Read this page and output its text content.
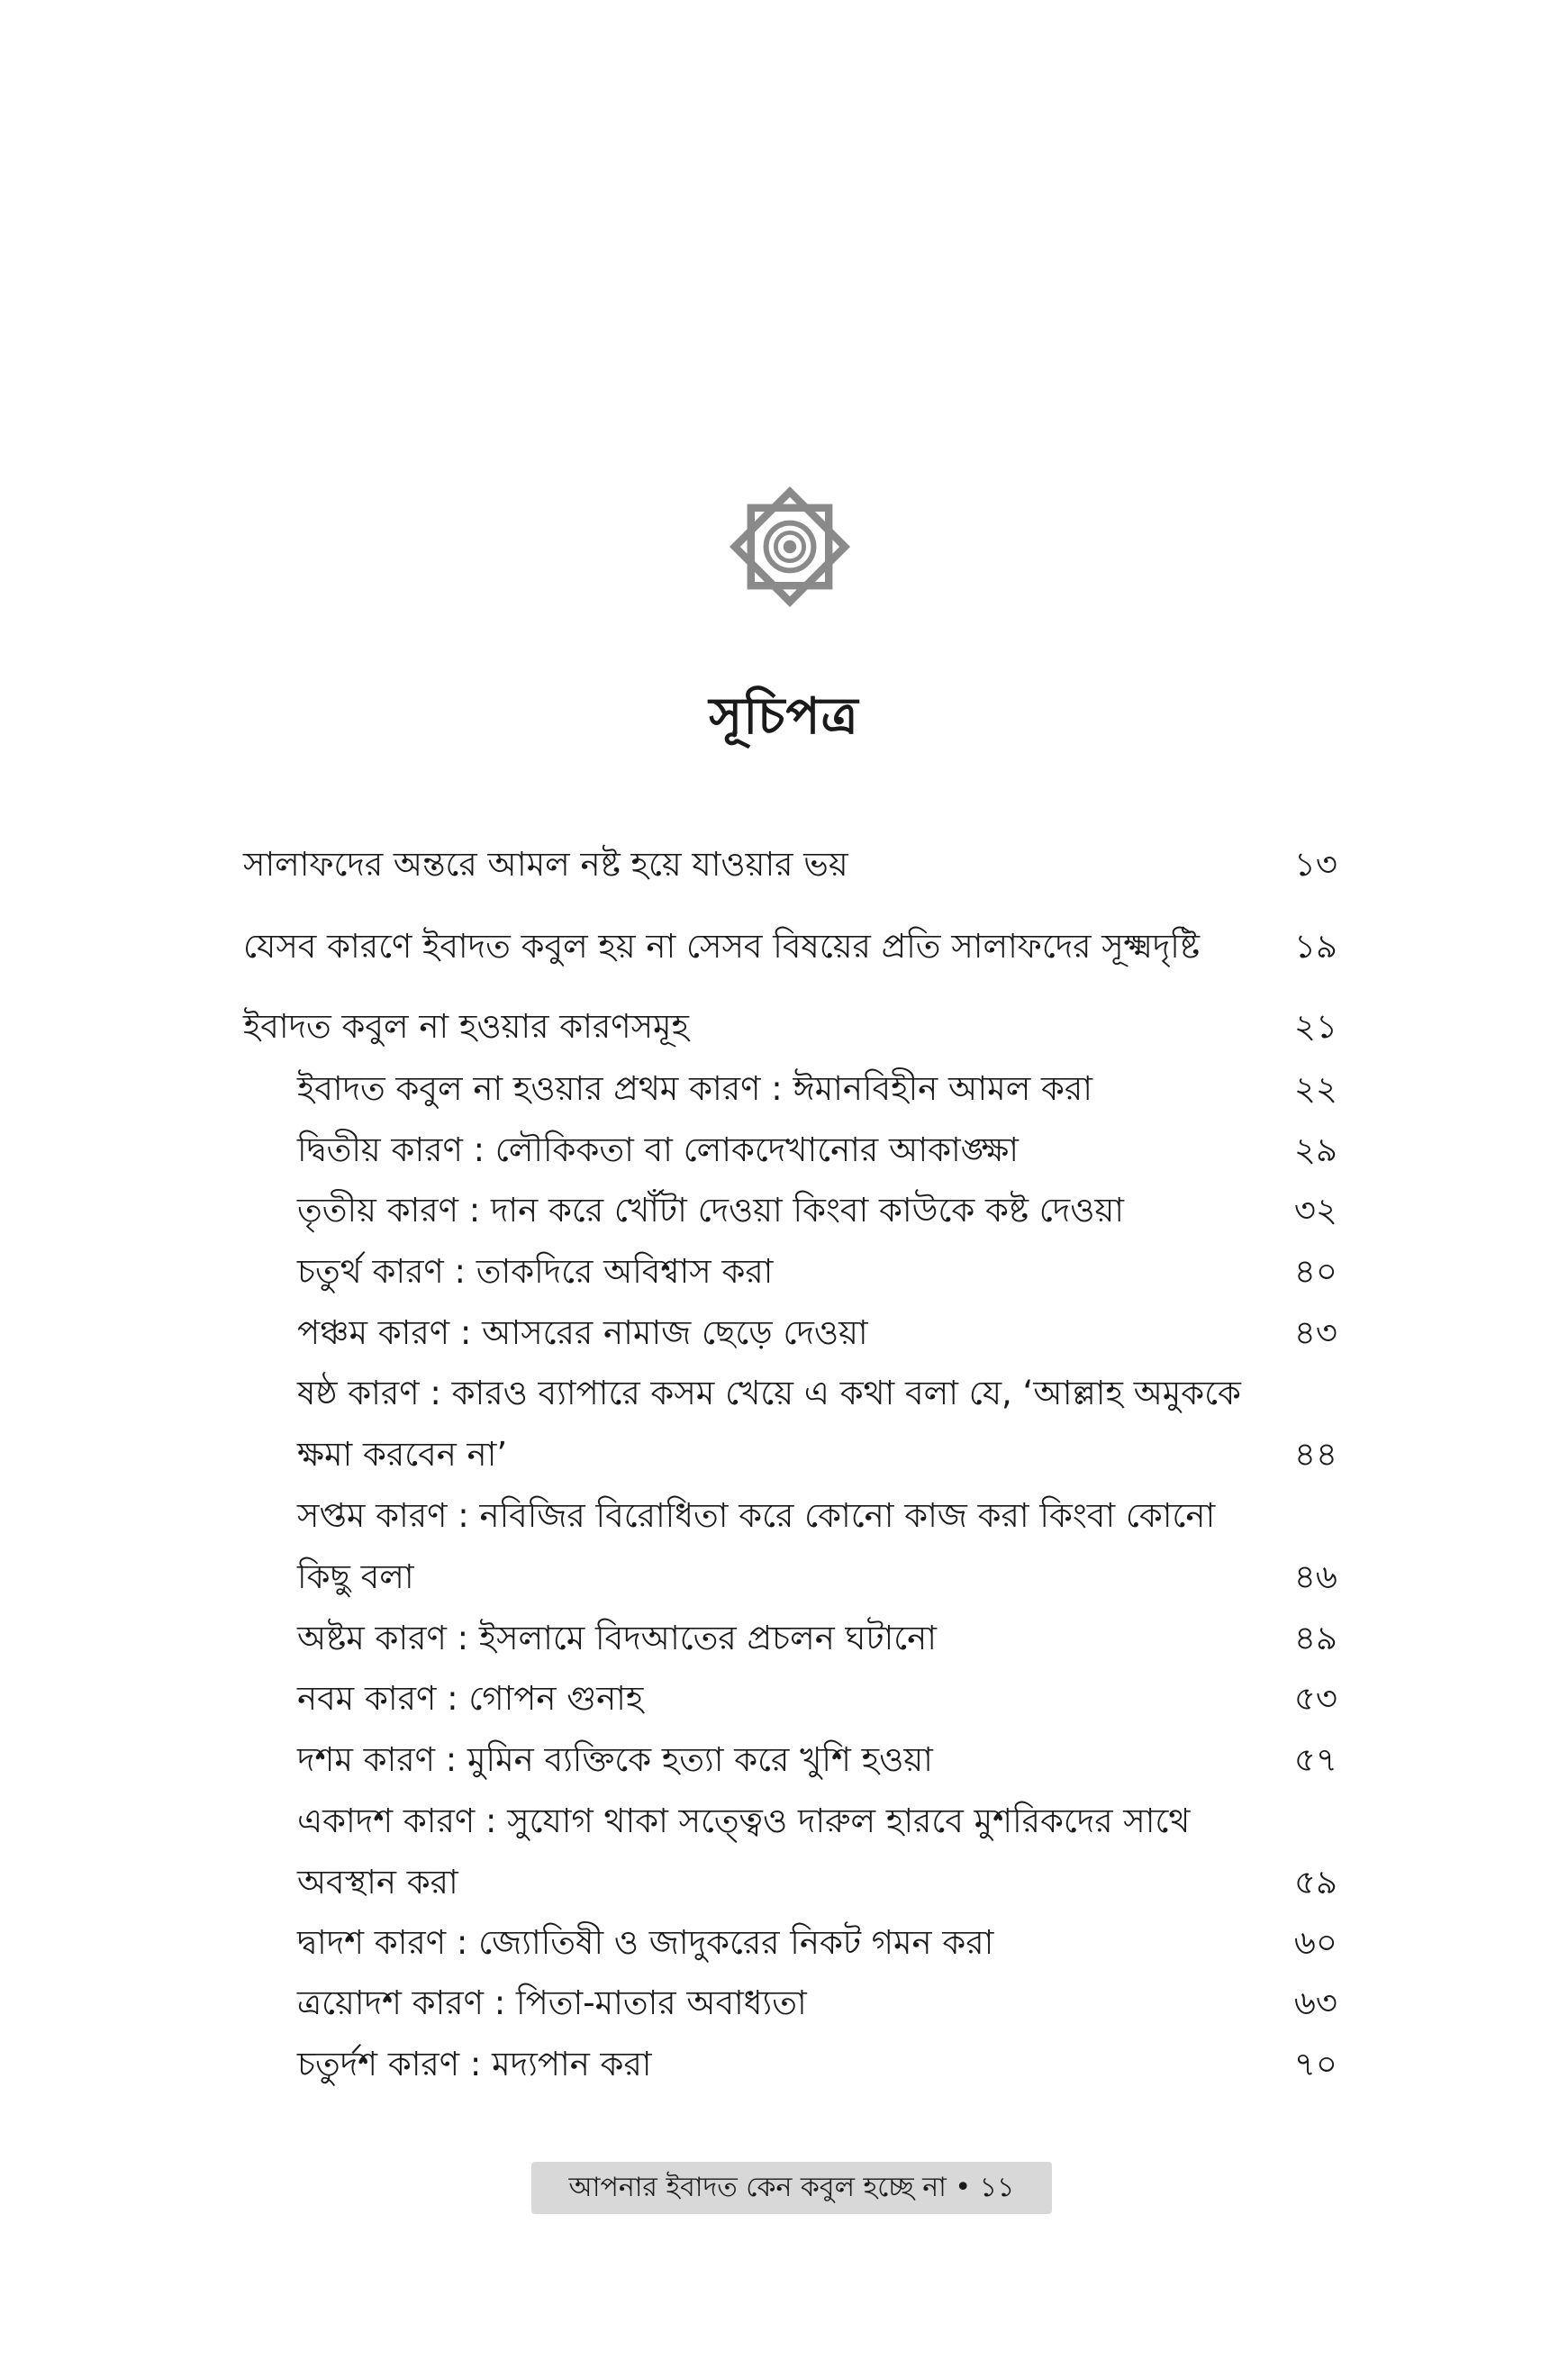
সূচিপত্র
সালাফদের অন্তরে আমল নষ্ট হয়ে যাওয়ার ভয়	১৩
যেসব কারণে ইবাদত কবুল হয় না সেসব বিষয়ের প্রতি সালাফদের সূক্ষ্মদৃষ্টি	১৯
ইবাদত কবুল না হওয়ার কারণসমূহ	২১
ইবাদত কবুল না হওয়ার প্রথম কারণ : ঈমানবিহীন আমল করা	২২
দ্বিতীয় কারণ : লৌকিকতা বা লোকদেখানোর আকাঙ্ক্ষা	২৯
তৃতীয় কারণ : দান করে খোঁটা দেওয়া কিংবা কাউকে কষ্ট দেওয়া	৩২
চতুর্থ কারণ : তাকদিরে অবিশ্বাস করা	৪০
পঞ্চম কারণ : আসরের নামাজ ছেড়ে দেওয়া	৪৩
ষষ্ঠ কারণ : কারও ব্যাপারে কসম খেয়ে এ কথা বলা যে, ‘আল্লাহ অমুককে
ক্ষমা করবেন না’	৪৪
সপ্তম কারণ : নবিজির বিরোধিতা করে কোনো কাজ করা কিংবা কোনো
কিছু বলা	৪৬
অষ্টম কারণ : ইসলামে বিদআতের প্রচলন ঘটানো	৪৯
নবম কারণ : গোপন গুনাহ	৫৩
দশম কারণ : মুমিন ব্যক্তিকে হত্যা করে খুশি হওয়া	৫৭
একাদশ কারণ : সুযোগ থাকা সত্ত্বেও দারুল হারবে মুশরিকদের সাথে
অবস্থান করা	৫৯
দ্বাদশ কারণ : জ্যোতিষী ও জাদুকরের নিকট গমন করা	৬০
ত্রয়োদশ কারণ : পিতা-মাতার অবাধ্যতা	৬৩
চতুর্দশ কারণ : মদ্যপান করা	৭০
আপনার ইবাদত কেন কবুল হচ্ছে না • ১১
